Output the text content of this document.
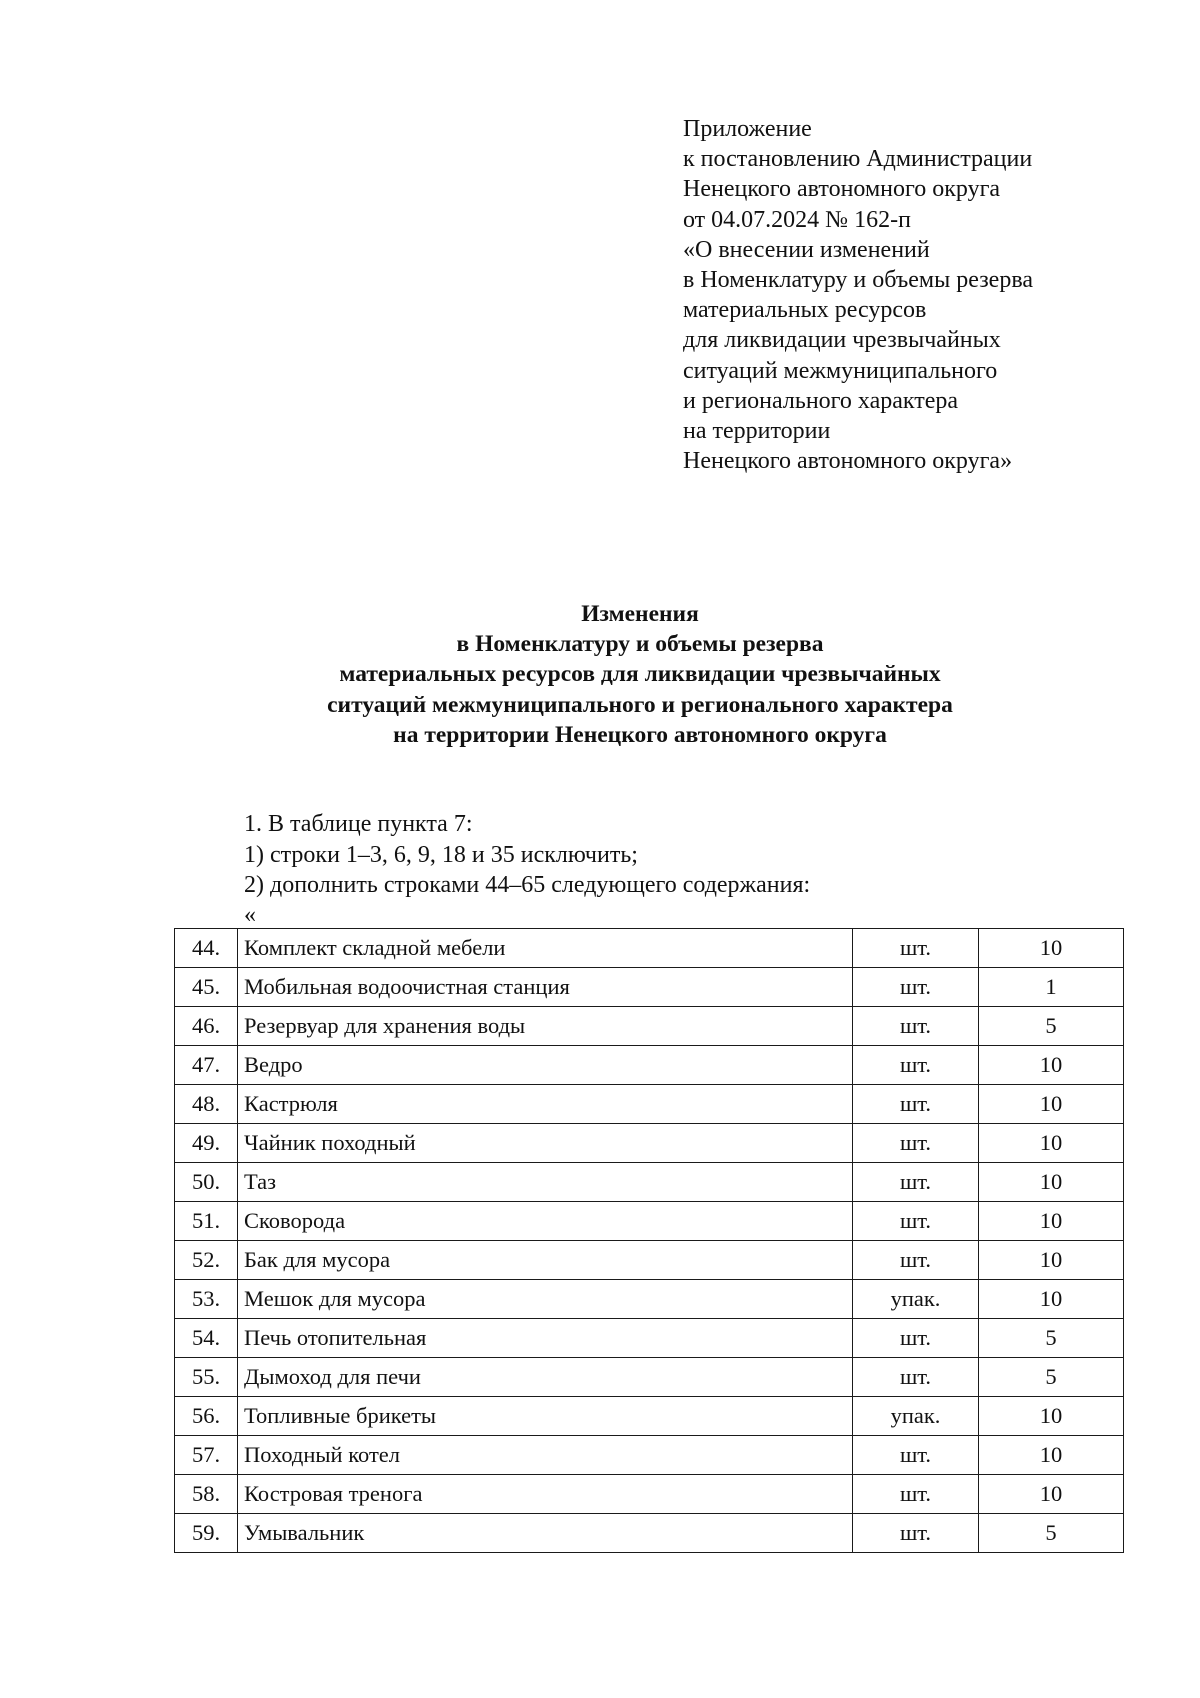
Приложение
к постановлению Администрации
Ненецкого автономного округа
от 04.07.2024 № 162-п
«О внесении изменений
в Номенклатуру и объемы резерва
материальных ресурсов
для ликвидации чрезвычайных
ситуаций межмуниципального
и регионального характера
на территории
Ненецкого автономного округа»
Изменения
в Номенклатуру и объемы резерва
материальных ресурсов для ликвидации чрезвычайных
ситуаций межмуниципального и регионального характера
на территории Ненецкого автономного округа
1. В таблице пункта 7:
1) строки 1–3, 6, 9, 18 и 35 исключить;
2) дополнить строками 44–65 следующего содержания:
«
44.	Комплект складной мебели	шт.	10
45.	Мобильная водоочистная станция	шт.	1
46.	Резервуар для хранения воды	шт.	5
47.	Ведро	шт.	10
48.	Кастрюля	шт.	10
49.	Чайник походный	шт.	10
50.	Таз	шт.	10
51.	Сковорода	шт.	10
52.	Бак для мусора	шт.	10
53.	Мешок для мусора	упак.	10
54.	Печь отопительная	шт.	5
55.	Дымоход для печи	шт.	5
56.	Топливные брикеты	упак.	10
57.	Походный котел	шт.	10
58.	Костровая тренога	шт.	10
59.	Умывальник	шт.	5
